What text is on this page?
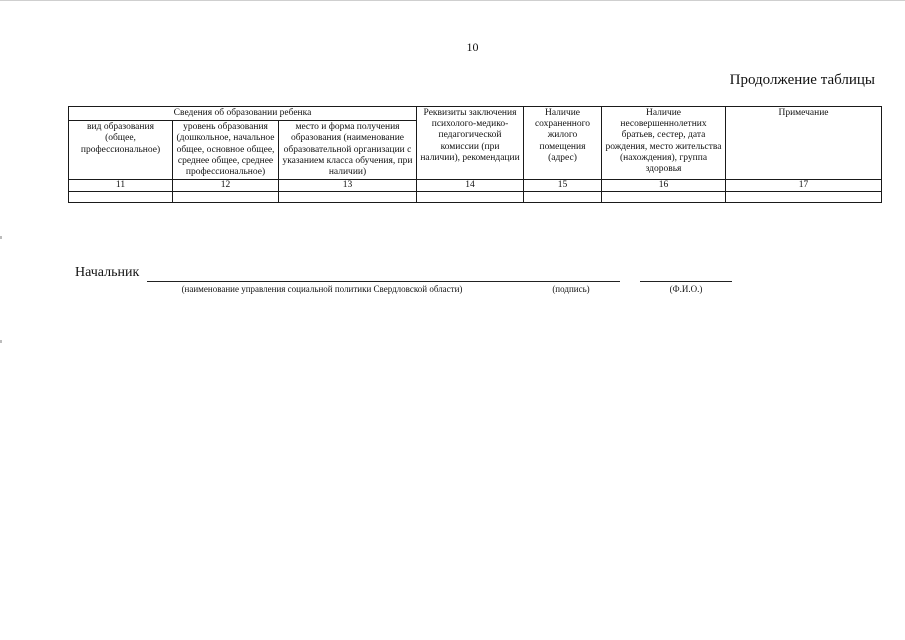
10
Продолжение таблицы
Сведения об образовании ребенка			Реквизиты заключения психолого-медико-педагогической комиссии (при наличии), рекомендации	Наличие сохраненного жилого помещения (адрес)	Наличие несовершеннолетних братьев, сестер, дата рождения, место жительства (нахождения), группа здоровья	Примечание
вид образования (общее, профессиональное)	уровень образования (дошкольное, начальное общее, основное общее, среднее общее, среднее профессиональное)	место и форма получения образования (наименование образовательной организации с указанием класса обучения, при наличии)				
11	12	13	14	15	16	17

Начальник
(наименование управления социальной политики Свердловской области)	(подпись)	(Ф.И.О.)
